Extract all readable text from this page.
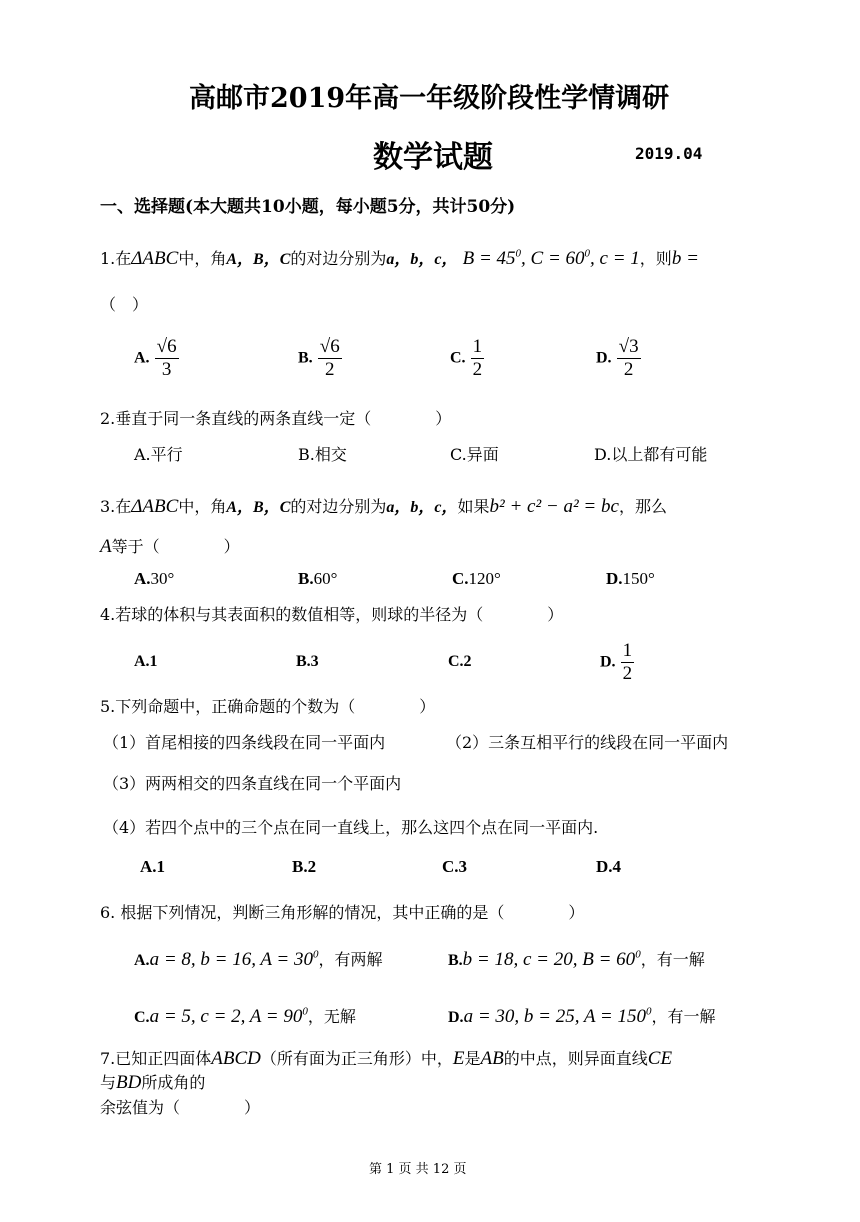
高邮市2019年高一年级阶段性学情调研
数学试题	2019.04
一、选择题(本大题共10小题，每小题5分，共计50分)
1.在ΔABC中，角A，B，C的对边分别为a，b，c， $B = 45^0$, $C = 60^0$, c = 1，则b =
（　）
A. $\frac{√6}{3}$	B. $\frac{√6}{2}$	C. $\frac{1}{2}$	D. $\frac{√3}{2}$
2.垂直于同一条直线的两条直线一定（　　　　）
A.平行	B.相交	C.异面	D.以上都有可能
3.在ΔABC中，角A，B，C的对边分别为a，b，c，如果b² + c² − a² = bc，那么
A等于（　　　　）
A.30°	B.60°	C.120°	D.150°
4.若球的体积与其表面积的数值相等，则球的半径为（　　　　）
A.1	B.3	C.2	D. $\frac{1}{2}$
5.下列命题中，正确命题的个数为（　　　　）
（1）首尾相接的四条线段在同一平面内	（2）三条互相平行的线段在同一平面内
（3）两两相交的四条直线在同一个平面内
（4）若四个点中的三个点在同一直线上，那么这四个点在同一平面内.
A.1	B.2	C.3	D.4
6. 根据下列情况，判断三角形解的情况，其中正确的是（　　　　）
A.a = 8, b = 16, $A = 30^0$，有两解	B.b = 18, c = 20, $B = 60^0$，有一解
C.a = 5, c = 2, $A = 90^0$，无解	D.a = 30, b = 25, $A = 150^0$，有一解
7.已知正四面体ABCD（所有面为正三角形）中，E是AB的中点，则异面直线CE
与BD所成角的
余弦值为（　　　　）
第 1 页 共 12 页
